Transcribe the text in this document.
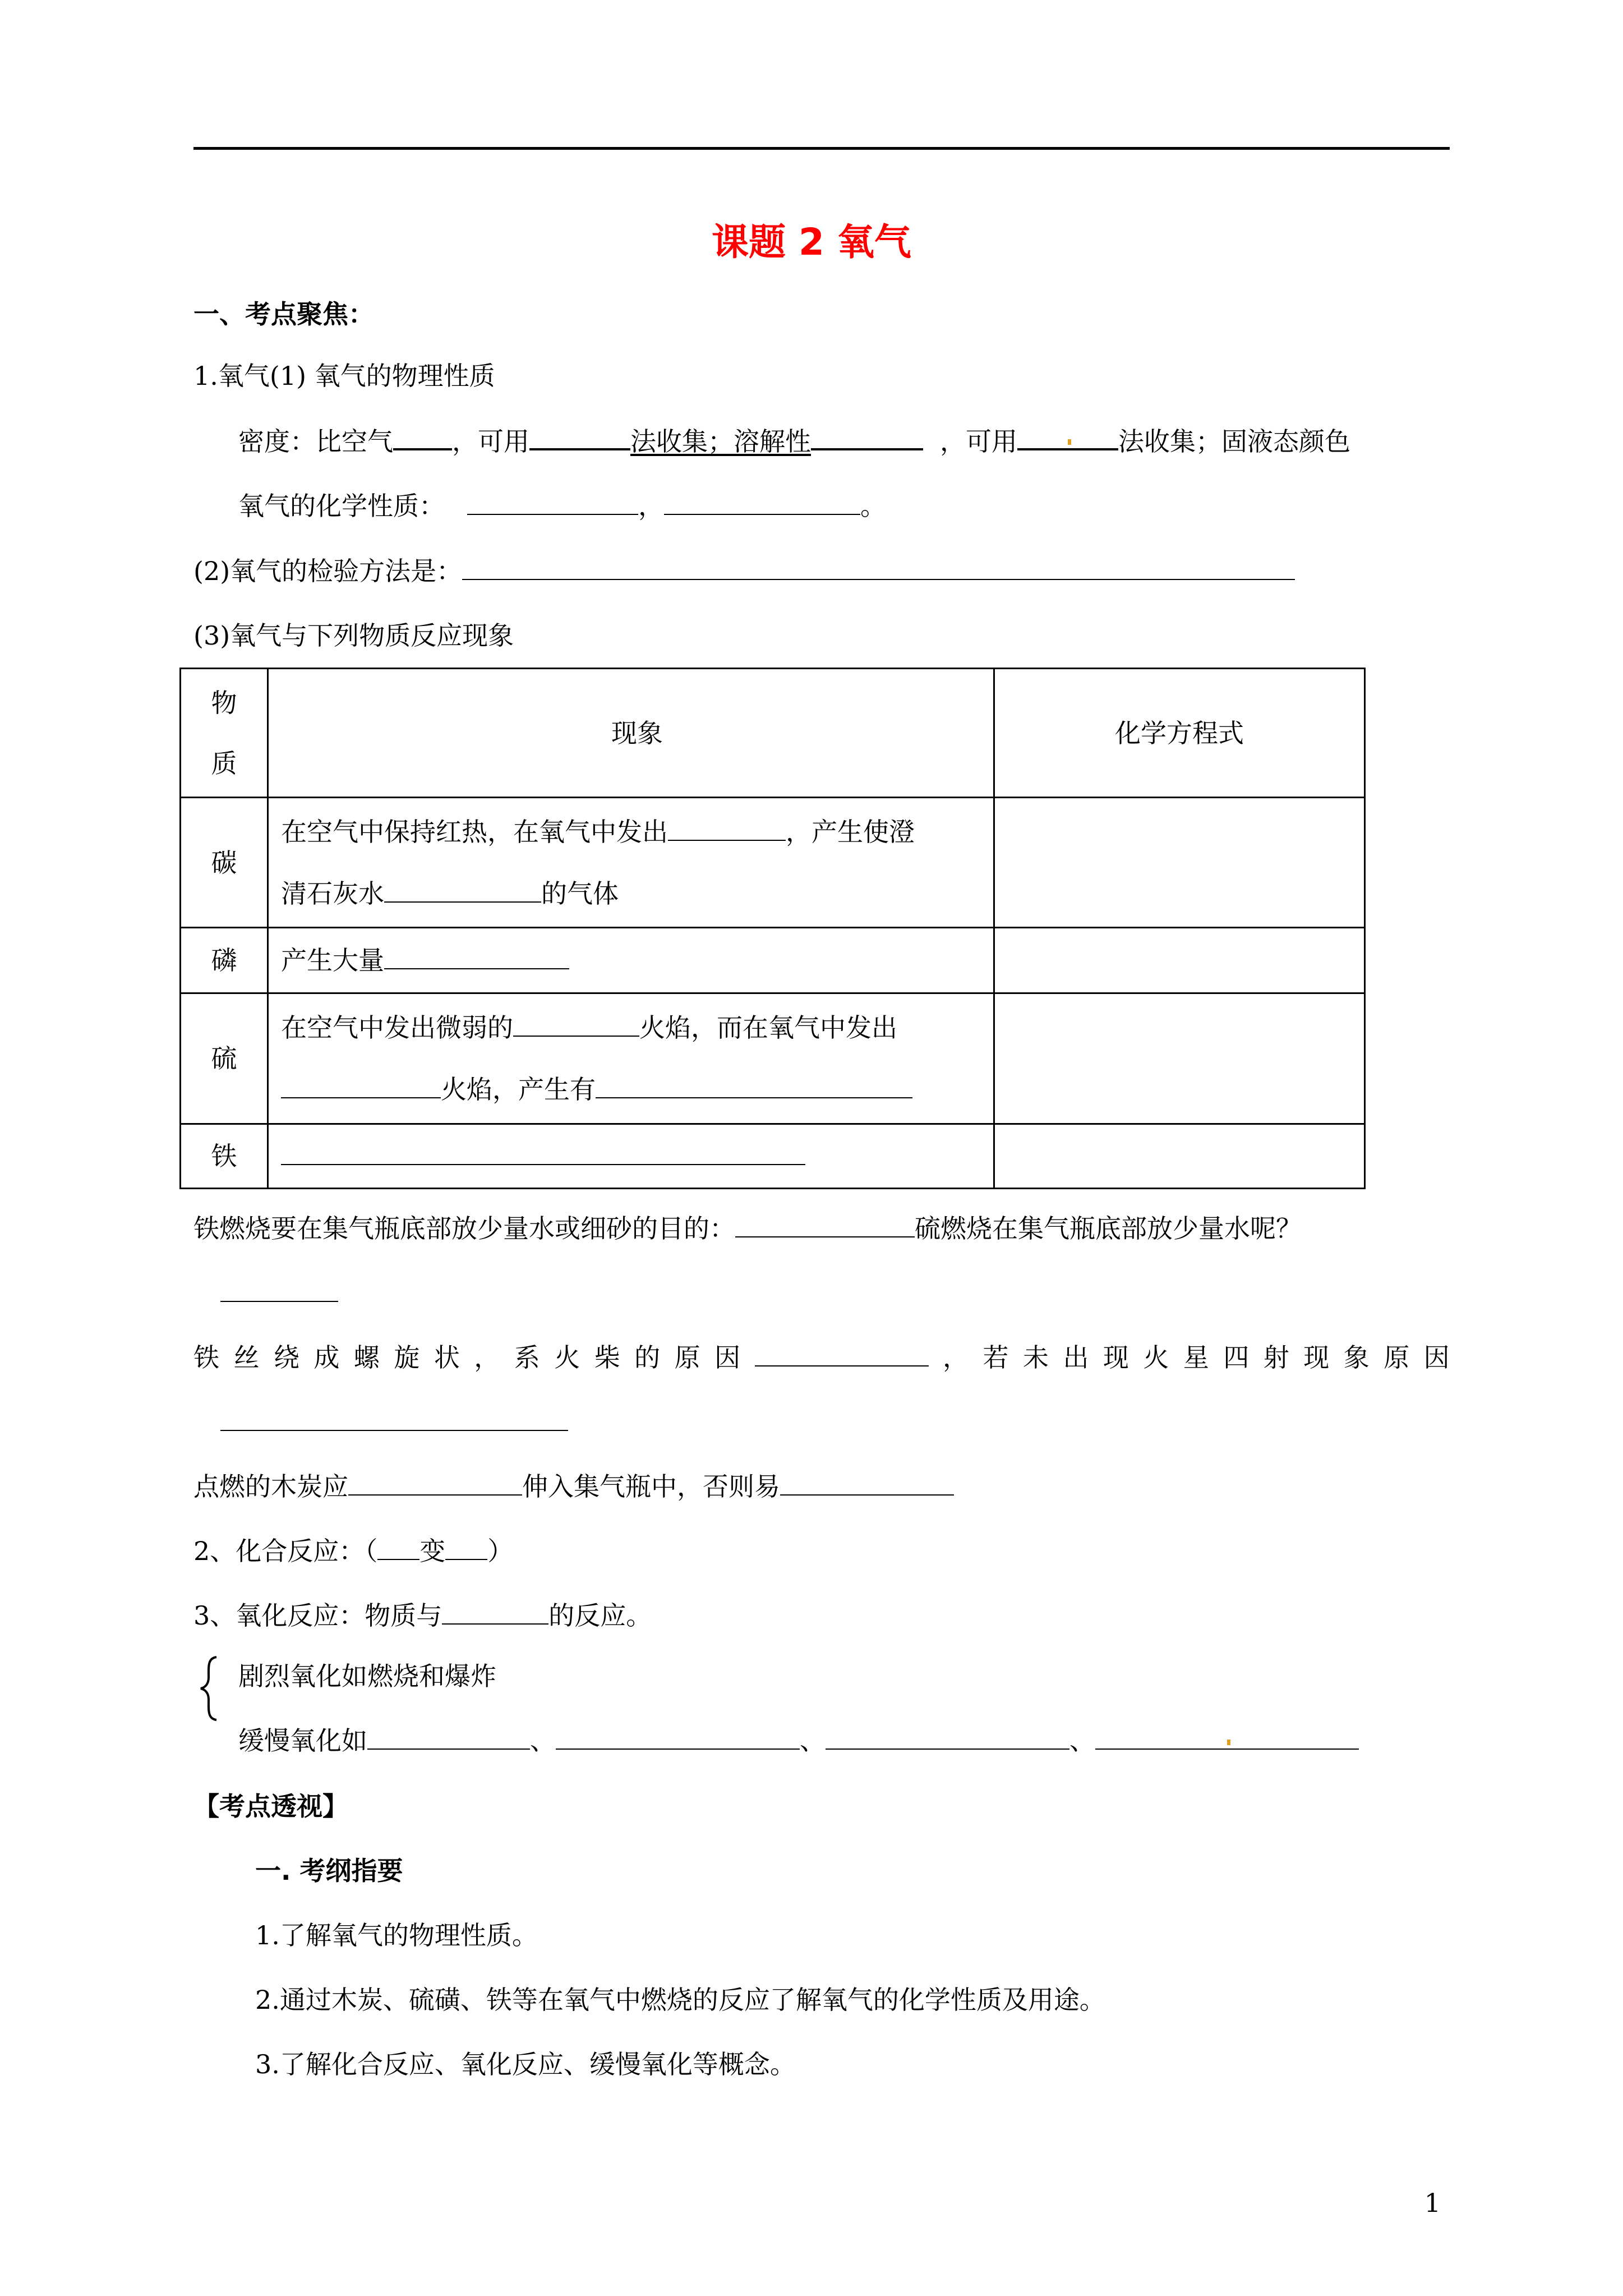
课题 2 氧气
一、考点聚焦：
1.氧气(1) 氧气的物理性质
密度：比空气 ，可用	法收集；溶解性	，可用	法收集；固液态颜色
氧气的化学性质：	，	。
(2)氧气的检验方法是：
(3)氧气与下列物质反应现象
物
质	现象	化学方程式
碳	在空气中保持红热，在氧气中发出 ，产生使澄
清石灰水 的气体	

磷	产生大量	
硫	在空气中发出微弱的 火焰，而在氧气中发出
火焰，产生有	

铁		
铁燃烧要在集气瓶底部放少量水或细砂的目的：	硫燃烧在集气瓶底部放少量水呢？
铁 丝 绕 成 螺 旋 状 ， 系 火 柴 的 原 因	， 若 未 出 现 火 星 四 射 现 象 原 因
点燃的木炭应	伸入集气瓶中，否则易
2、化合反应：（ 变 ）
3、氧化反应：物质与	的反应。
剧烈氧化如燃烧和爆炸
缓慢氧化如	、	、	、
【考点透视】
一. 考纲指要
1.了解氧气的物理性质。
2.通过木炭、硫磺、铁等在氧气中燃烧的反应了解氧气的化学性质及用途。
3.了解化合反应、氧化反应、缓慢氧化等概念。
1
